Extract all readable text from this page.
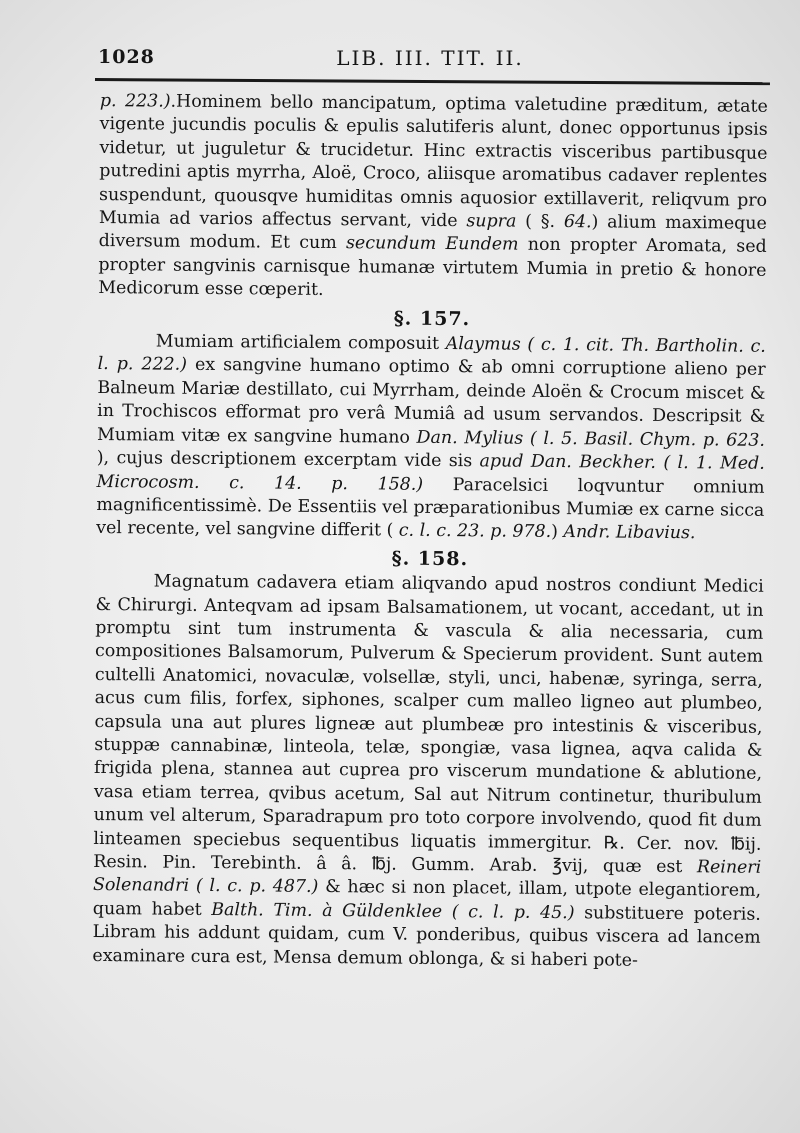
1028	LIB. III. TIT. II.

p. 223.).Hominem bello mancipatum, optima valetudine præditum, ætate vigente jucundis poculis & epulis salutiferis alunt, donec opportunus ipsis videtur, ut juguletur & trucidetur. Hinc extractis visceribus partibusque putredini aptis myrrha, Aloë, Croco, aliisque aromatibus cadaver replentes suspendunt, quousqve humiditas omnis aquosior extillaverit, reliqvum pro Mumia ad varios affectus servant, vide supra ( §. 64.) alium maximeque diversum modum. Et cum secundum Eundem non propter Aromata, sed propter sangvinis carnisque humanæ virtutem Mumia in pretio & honore Medicorum esse cœperit.

§. 157.

Mumiam artificialem composuit Alaymus ( c. 1. cit. Th. Bartholin. c. l. p. 222.) ex sangvine humano optimo & ab omni corruptione alieno per Balneum Mariæ destillato, cui Myrrham, deinde Aloën & Crocum miscet & in Trochiscos efformat pro verâ Mumiâ ad usum servandos. Descripsit & Mumiam vitæ ex sangvine humano Dan. Mylius ( l. 5. Basil. Chym. p. 623. ), cujus descriptionem excerptam vide sis apud Dan. Beckher. ( l. 1. Med. Microcosm. c. 14. p. 158.) Paracelsici loqvuntur omnium magnificentissimè. De Essentiis vel præparationibus Mumiæ ex carne sicca vel recente, vel sangvine differit ( c. l. c. 23. p. 978.) Andr. Libavius.

§. 158.

Magnatum cadavera etiam aliqvando apud nostros condiunt Medici & Chirurgi. Anteqvam ad ipsam Balsamationem, ut vocant, accedant, ut in promptu sint tum instrumenta & vascula & alia necessaria, cum compositiones Balsamorum, Pulverum & Specierum provident. Sunt autem cultelli Anatomici, novaculæ, volsellæ, styli, unci, habenæ, syringa, serra, acus cum filis, forfex, siphones, scalper cum malleo ligneo aut plumbeo, capsula una aut plures ligneæ aut plumbeæ pro intestinis & visceribus, stuppæ cannabinæ, linteola, telæ, spongiæ, vasa lignea, aqva calida & frigida plena, stannea aut cuprea pro viscerum mundatione & ablutione, vasa etiam terrea, qvibus acetum, Sal aut Nitrum continetur, thuribulum unum vel alterum, Sparadrapum pro toto corpore involvendo, quod fit dum linteamen speciebus sequentibus liquatis immergitur. ℞. Cer. nov. ℔ij. Resin. Pin. Terebinth. â â. ℔j. Gumm. Arab. ℥vij, quæ est Reineri Solenandri ( l. c. p. 487.) & hæc si non placet, illam, utpote elegantiorem, quam habet Balth. Tim. à Güldenklee ( c. l. p. 45.) substituere poteris. Libram his addunt quidam, cum V. ponderibus, quibus viscera ad lancem examinare cura est, Mensa demum oblonga, & si haberi pote-
